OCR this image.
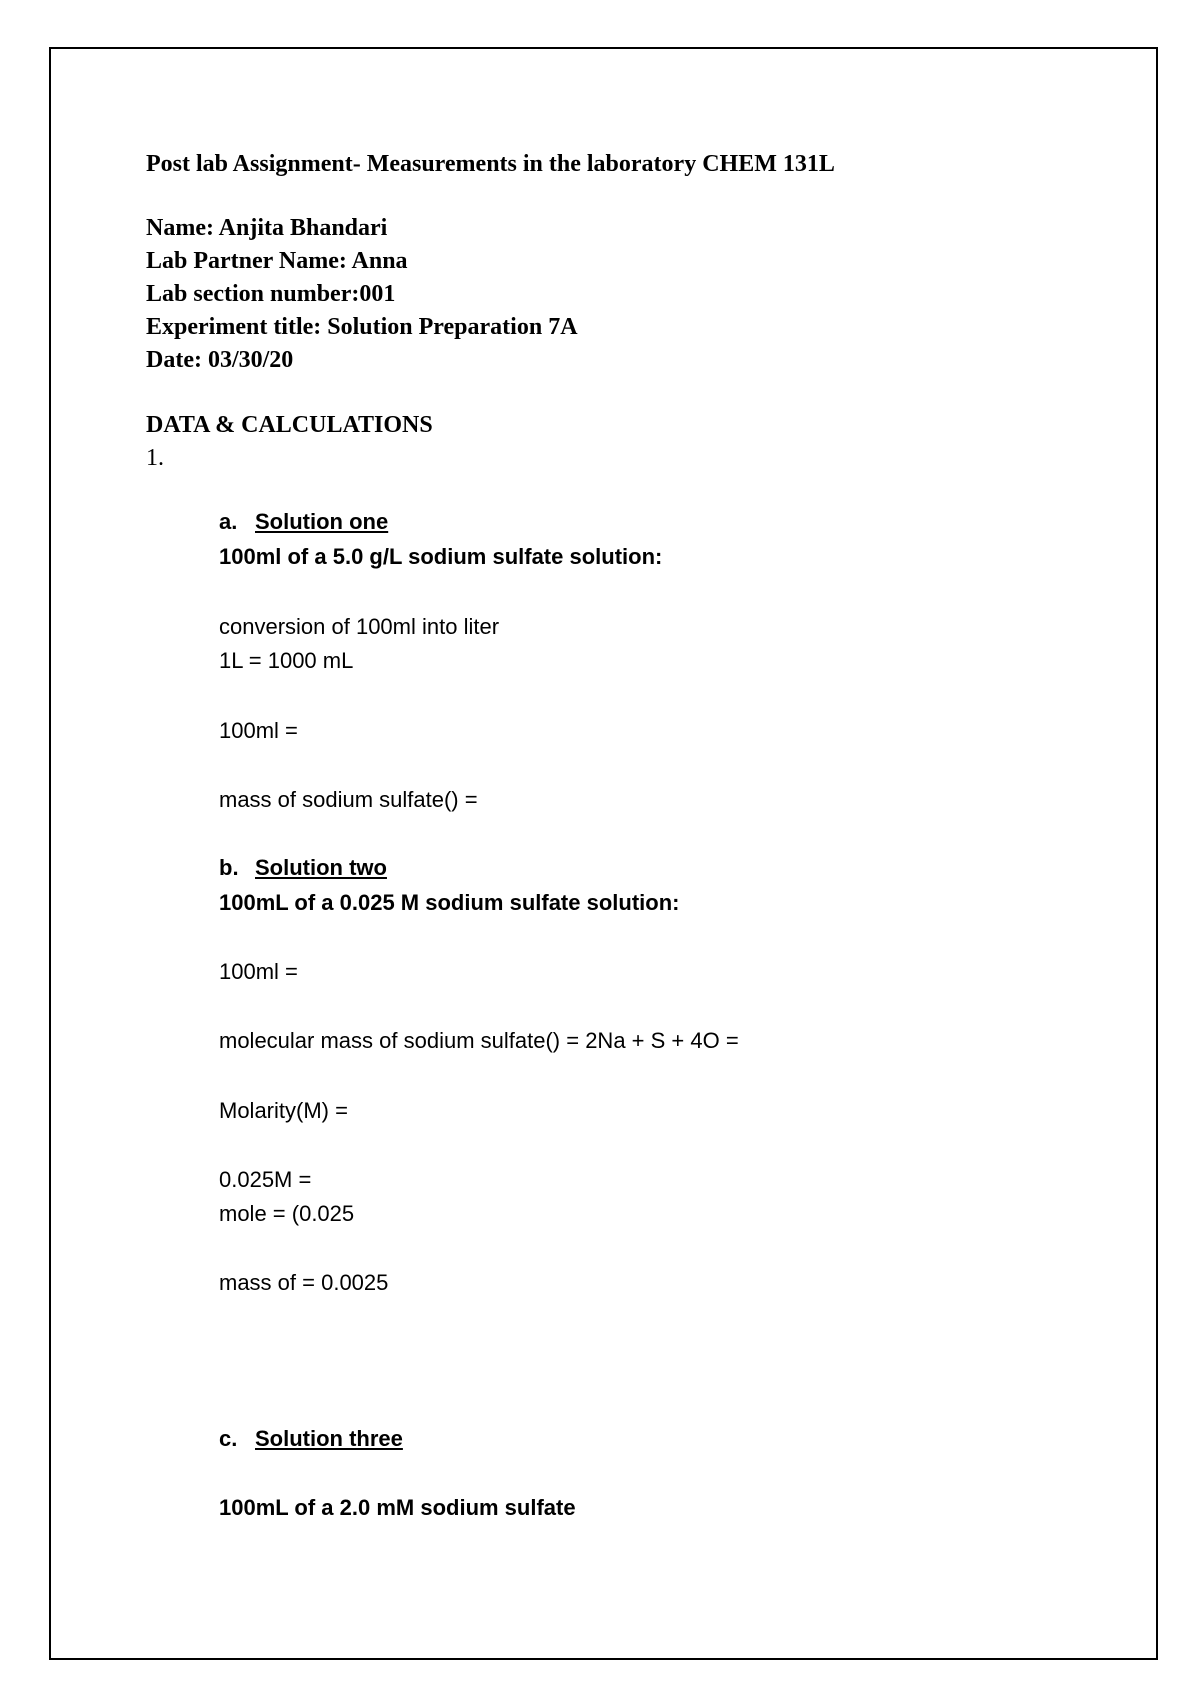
Post lab Assignment- Measurements in the laboratory CHEM 131L
Name: Anjita Bhandari
Lab Partner Name: Anna
Lab section number:001
Experiment title: Solution Preparation 7A
Date: 03/30/20
DATA & CALCULATIONS
1.
a. Solution one
100ml of a 5.0 g/L sodium sulfate solution:
conversion of 100ml into liter
1L = 1000 mL
100ml =
mass of sodium sulfate() =
b. Solution two
100mL of a 0.025 M sodium sulfate solution:
100ml =
molecular mass of sodium sulfate() = 2Na + S + 4O =
Molarity(M) =
0.025M =
mole = (0.025
mass of = 0.0025
c. Solution three
100mL of a 2.0 mM sodium sulfate
